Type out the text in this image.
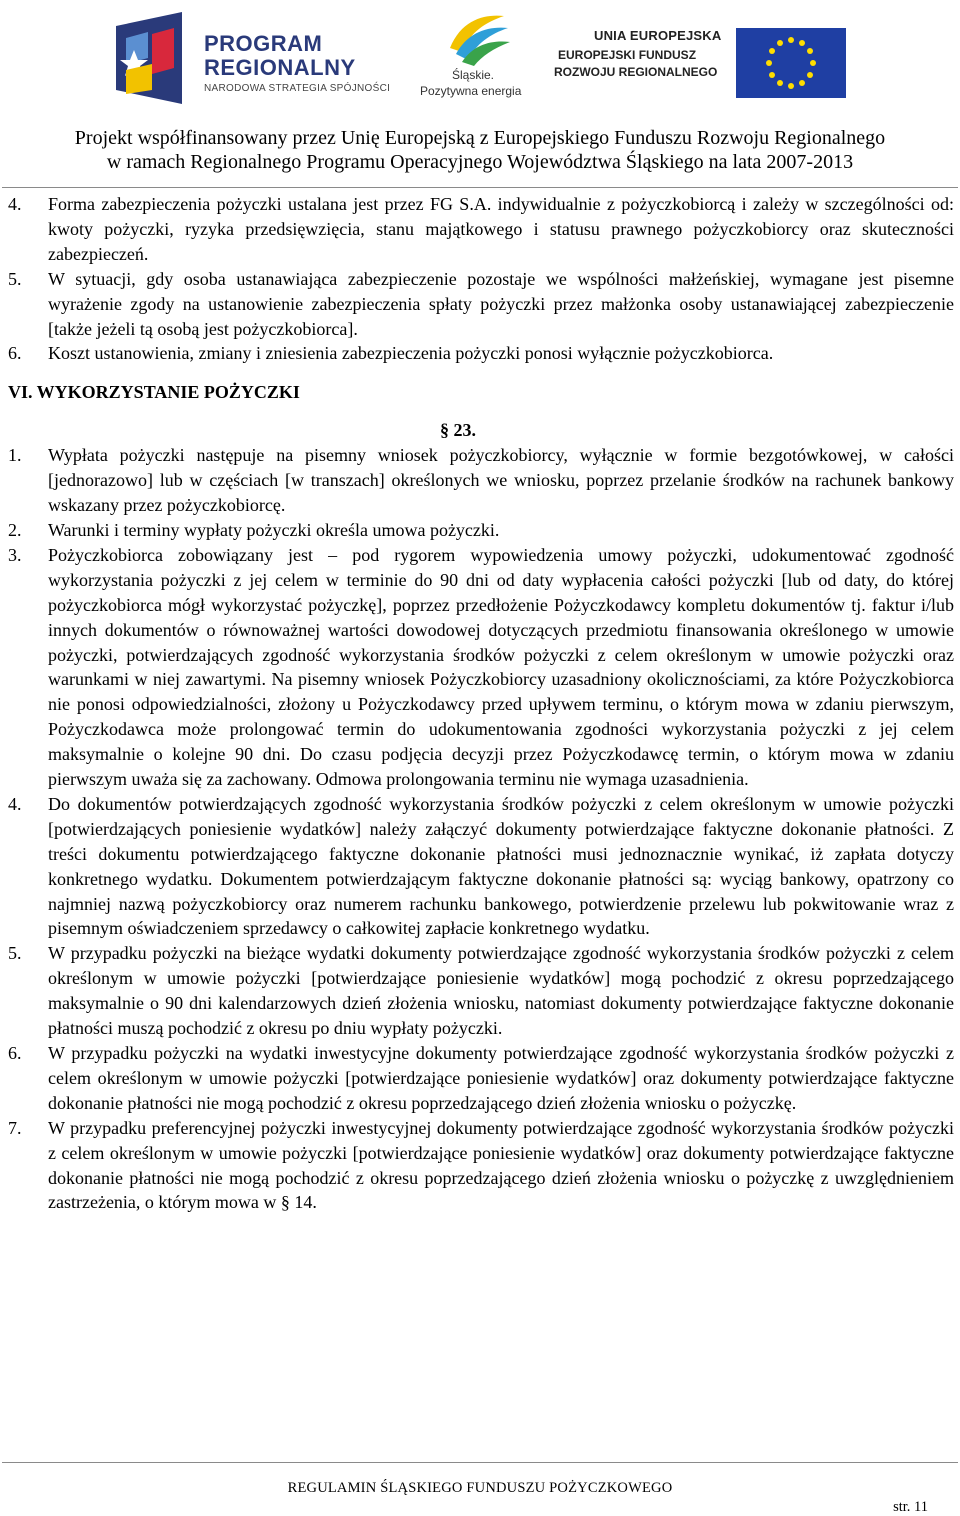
PROGRAM
REGIONALNY
NARODOWA STRATEGIA SPÓJNOŚCI
Śląskie.
Pozytywna energia
UNIA EUROPEJSKA
EUROPEJSKI FUNDUSZ
ROZWOJU REGIONALNEGO
Projekt współfinansowany przez Unię Europejską z Europejskiego Funduszu Rozwoju Regionalnego
w ramach Regionalnego Programu Operacyjnego Województwa Śląskiego na lata 2007-2013
4. Forma zabezpieczenia pożyczki ustalana jest przez FG S.A. indywidualnie z pożyczkobiorcą i zależy w szczególności od: kwoty pożyczki, ryzyka przedsięwzięcia, stanu majątkowego i statusu prawnego pożyczkobiorcy oraz skuteczności zabezpieczeń.
5. W sytuacji, gdy osoba ustanawiająca zabezpieczenie pozostaje we wspólności małżeńskiej, wymagane jest pisemne wyrażenie zgody na ustanowienie zabezpieczenia spłaty pożyczki przez małżonka osoby ustanawiającej zabezpieczenie [także jeżeli tą osobą jest pożyczkobiorca].
6. Koszt ustanowienia, zmiany i zniesienia zabezpieczenia pożyczki ponosi wyłącznie pożyczkobiorca.
VI. WYKORZYSTANIE POŻYCZKI
§ 23.
1. Wypłata pożyczki następuje na pisemny wniosek pożyczkobiorcy, wyłącznie w formie bezgotówkowej, w całości [jednorazowo] lub w częściach [w transzach] określonych we wniosku, poprzez przelanie środków na rachunek bankowy wskazany przez pożyczkobiorcę.
2. Warunki i terminy wypłaty pożyczki określa umowa pożyczki.
3. Pożyczkobiorca zobowiązany jest – pod rygorem wypowiedzenia umowy pożyczki, udokumentować zgodność wykorzystania pożyczki z jej celem w terminie do 90 dni od daty wypłacenia całości pożyczki [lub od daty, do której pożyczkobiorca mógł wykorzystać pożyczkę], poprzez przedłożenie Pożyczkodawcy kompletu dokumentów tj. faktur i/lub innych dokumentów o równoważnej wartości dowodowej dotyczących przedmiotu finansowania określonego w umowie pożyczki, potwierdzających zgodność wykorzystania środków pożyczki z celem określonym w umowie pożyczki oraz warunkami w niej zawartymi. Na pisemny wniosek Pożyczkobiorcy uzasadniony okolicznościami, za które Pożyczkobiorca nie ponosi odpowiedzialności, złożony u Pożyczkodawcy przed upływem terminu, o którym mowa w zdaniu pierwszym, Pożyczkodawca może prolongować termin do udokumentowania zgodności wykorzystania pożyczki z jej celem maksymalnie o kolejne 90 dni. Do czasu podjęcia decyzji przez Pożyczkodawcę termin, o którym mowa w zdaniu pierwszym uważa się za zachowany. Odmowa prolongowania terminu nie wymaga uzasadnienia.
4. Do dokumentów potwierdzających zgodność wykorzystania środków pożyczki z celem określonym w umowie pożyczki [potwierdzających poniesienie wydatków] należy załączyć dokumenty potwierdzające faktyczne dokonanie płatności. Z treści dokumentu potwierdzającego faktyczne dokonanie płatności musi jednoznacznie wynikać, iż zapłata dotyczy konkretnego wydatku. Dokumentem potwierdzającym faktyczne dokonanie płatności są: wyciąg bankowy, opatrzony co najmniej nazwą pożyczkobiorcy oraz numerem rachunku bankowego, potwierdzenie przelewu lub pokwitowanie wraz z pisemnym oświadczeniem sprzedawcy o całkowitej zapłacie konkretnego wydatku.
5. W przypadku pożyczki na bieżące wydatki dokumenty potwierdzające zgodność wykorzystania środków pożyczki z celem określonym w umowie pożyczki [potwierdzające poniesienie wydatków] mogą pochodzić z okresu poprzedzającego maksymalnie o 90 dni kalendarzowych dzień złożenia wniosku, natomiast dokumenty potwierdzające faktyczne dokonanie płatności muszą pochodzić z okresu po dniu wypłaty pożyczki.
6. W przypadku pożyczki na wydatki inwestycyjne dokumenty potwierdzające zgodność wykorzystania środków pożyczki z celem określonym w umowie pożyczki [potwierdzające poniesienie wydatków] oraz dokumenty potwierdzające faktyczne dokonanie płatności nie mogą pochodzić z okresu poprzedzającego dzień złożenia wniosku o pożyczkę.
7. W przypadku preferencyjnej pożyczki inwestycyjnej dokumenty potwierdzające zgodność wykorzystania środków pożyczki z celem określonym w umowie pożyczki [potwierdzające poniesienie wydatków] oraz dokumenty potwierdzające faktyczne dokonanie płatności nie mogą pochodzić z okresu poprzedzającego dzień złożenia wniosku o pożyczkę z uwzględnieniem zastrzeżenia, o którym mowa w § 14.
REGULAMIN ŚLĄSKIEGO FUNDUSZU POŻYCZKOWEGO
str. 11
